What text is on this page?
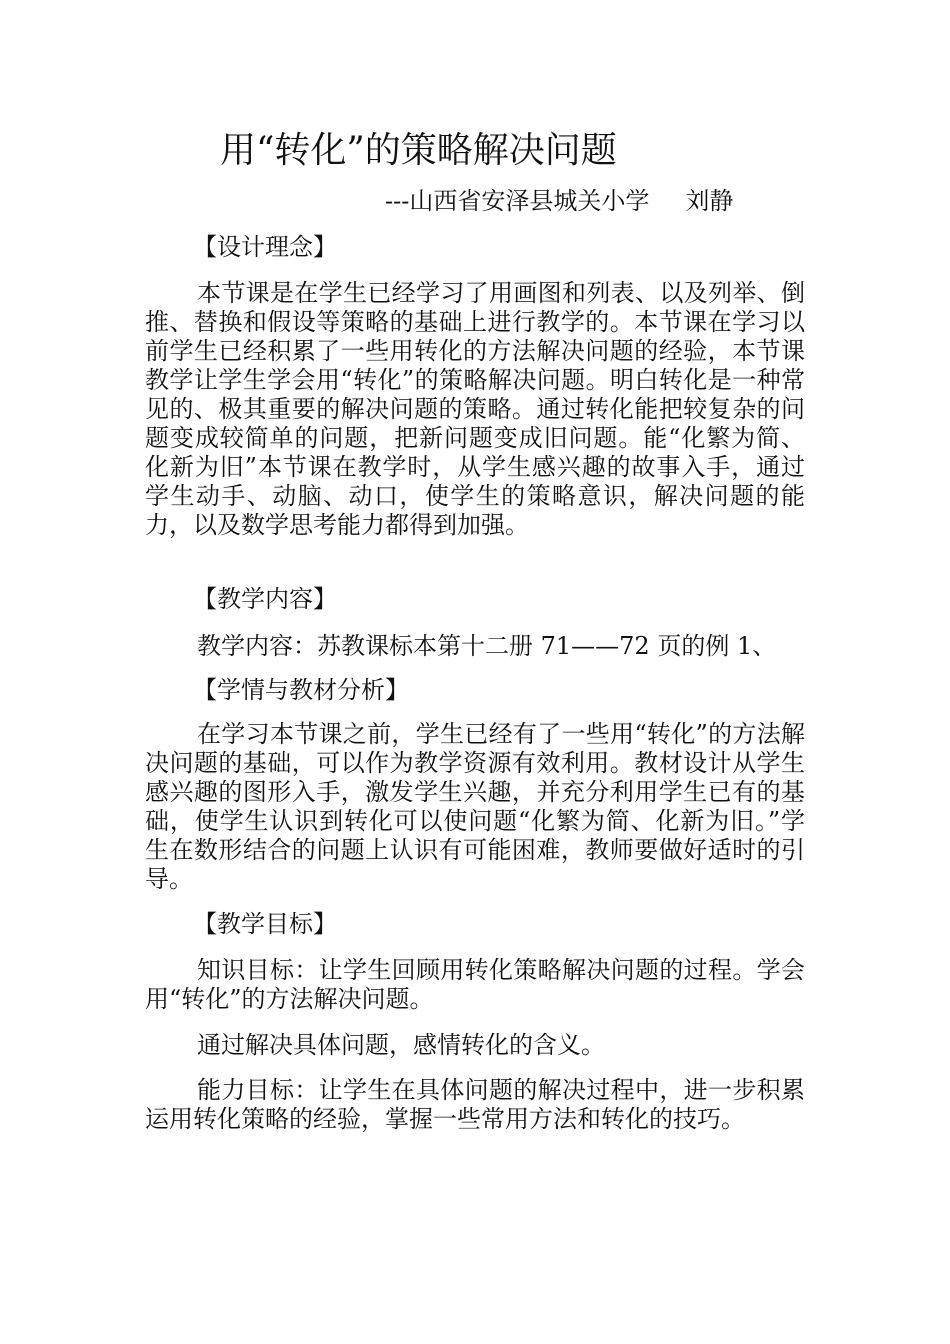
用“转化”的策略解决问题
---山西省安泽县城关小学 刘静
【设计理念】
本节课是在学生已经学习了用画图和列表、以及列举、倒推、替换和假设等策略的基础上进行教学的。本节课在学习以前学生已经积累了一些用转化的方法解决问题的经验，本节课教学让学生学会用“转化”的策略解决问题。明白转化是一种常见的、极其重要的解决问题的策略。通过转化能把较复杂的问题变成较简单的问题，把新问题变成旧问题。能“化繁为简、化新为旧”本节课在教学时，从学生感兴趣的故事入手，通过学生动手、动脑、动口，使学生的策略意识，解决问题的能力，以及数学思考能力都得到加强。
【教学内容】
教学内容：苏教课标本第十二册 71——72 页的例 1、
【学情与教材分析】
在学习本节课之前，学生已经有了一些用“转化”的方法解决问题的基础，可以作为教学资源有效利用。教材设计从学生感兴趣的图形入手，激发学生兴趣，并充分利用学生已有的基础，使学生认识到转化可以使问题“化繁为简、化新为旧。”学生在数形结合的问题上认识有可能困难，教师要做好适时的引导。
【教学目标】
知识目标：让学生回顾用转化策略解决问题的过程。学会用“转化”的方法解决问题。
通过解决具体问题，感情转化的含义。
能力目标：让学生在具体问题的解决过程中，进一步积累运用转化策略的经验，掌握一些常用方法和转化的技巧。
